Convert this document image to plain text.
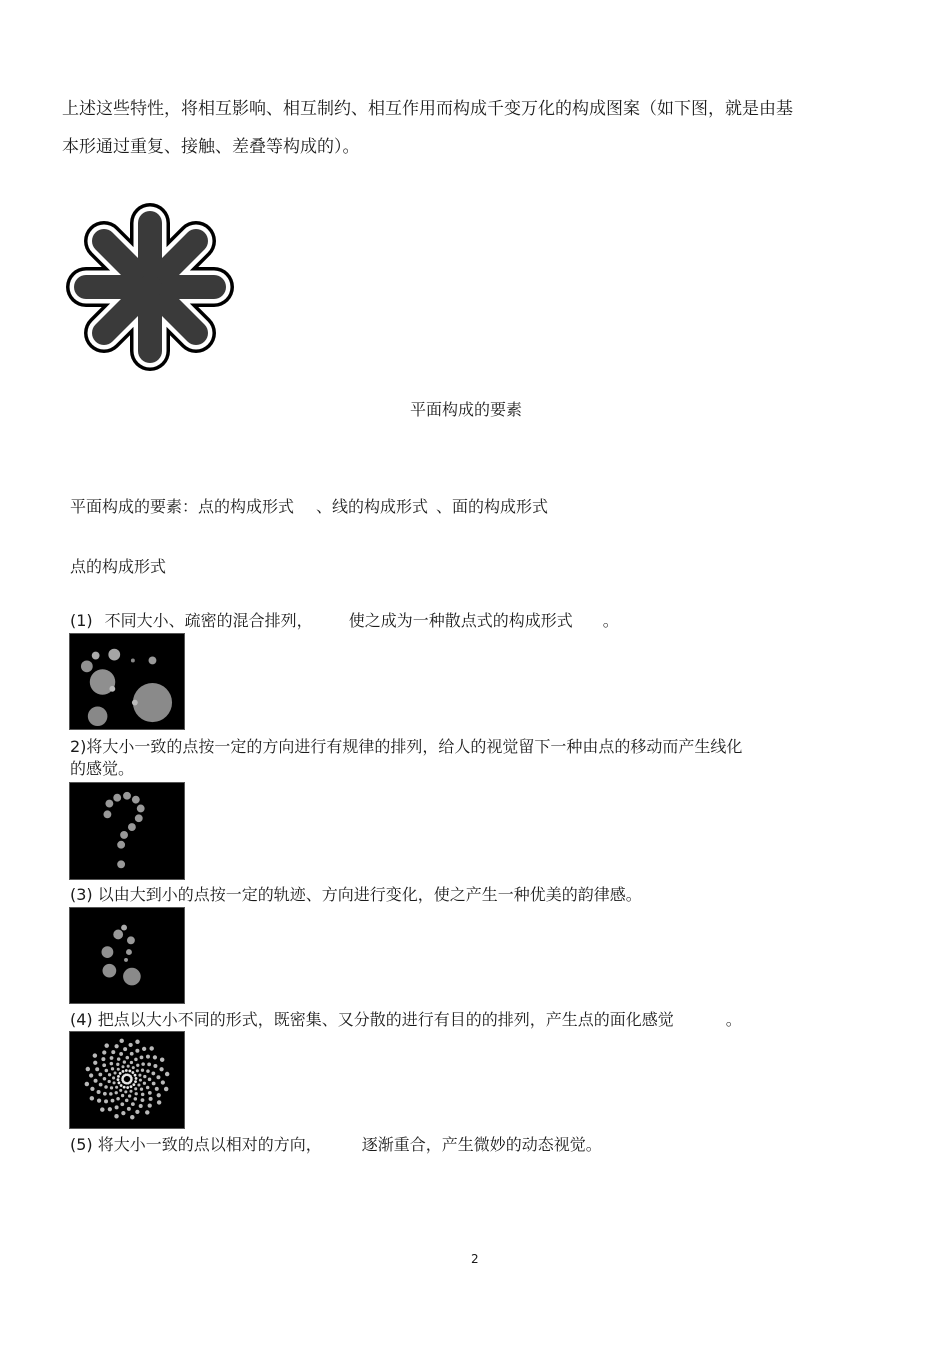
上述这些特性，将相互影响、相互制约、相互作用而构成千变万化的构成图案（如下图，就是由基
本形通过重复、接触、差叠等构成的）。
平面构成的要素
平面构成的要素：点的构成形式 、线的构成形式 、面的构成形式
点的构成形式
(1) 不同大小、疏密的混合排列， 使之成为一种散点式的构成形式 。
2)将大小一致的点按一定的方向进行有规律的排列，给人的视觉留下一种由点的移动而产生线化
的感觉。
(3) 以由大到小的点按一定的轨迹、方向进行变化，使之产生一种优美的韵律感。
(4) 把点以大小不同的形式，既密集、又分散的进行有目的的排列，产生点的面化感觉	。
(5) 将大小一致的点以相对的方向，	逐渐重合，产生微妙的动态视觉。
2
